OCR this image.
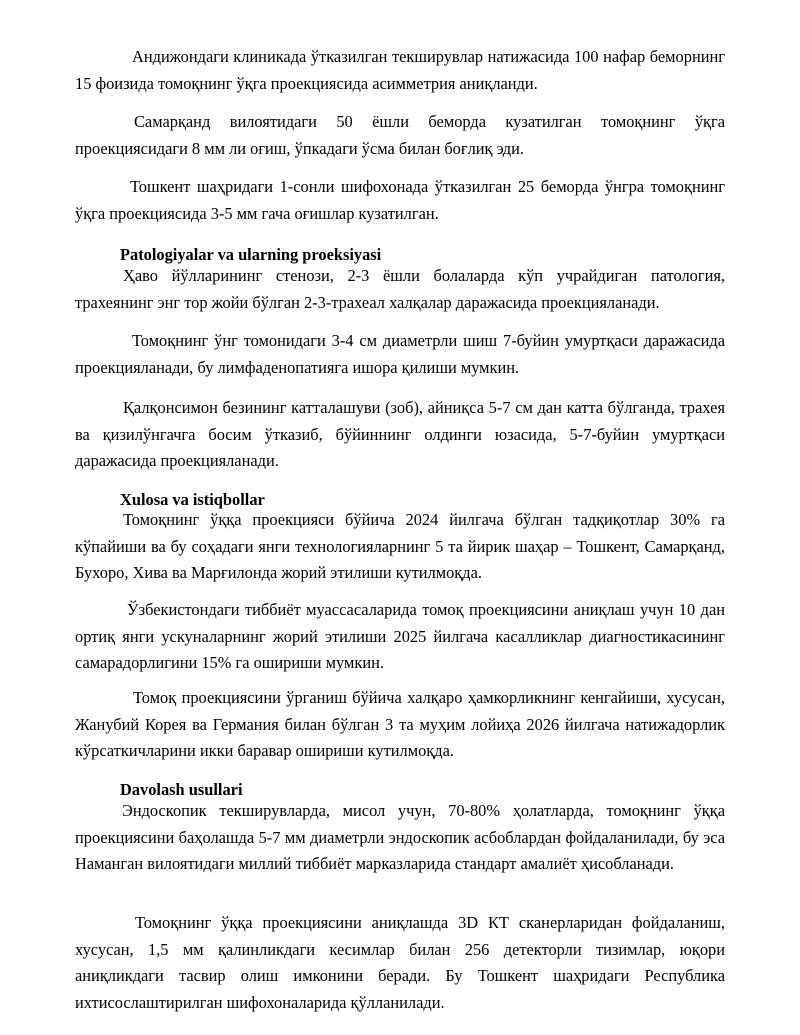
Андижондаги клиникада ўтказилган текширувлар натижасида 100 нафар беморнинг 15 фоизида томоқнинг ўқга проекциясида асимметрия аниқланди.

Самарқанд вилоятидаги 50 ёшли беморда кузатилган томоқнинг ўқга проекциясидаги 8 мм ли оғиш, ўпкадаги ўсма билан боғлиқ эди.

Тошкент шаҳридаги 1-сонли шифохонада ўтказилган 25 беморда ўнгра томоқнинг ўқга проекциясида 3-5 мм гача оғишлар кузатилган.

Patologiyalar va ularning proeksiyasi

Ҳаво йўлларининг стенози, 2-3 ёшли болаларда кўп учрайдиган патология, трахеянинг энг тор жойи бўлган 2-3-трахеал халқалар даражасида проекцияланади.

Томоқнинг ўнг томонидаги 3-4 см диаметрли шиш 7-буйин умуртқаси даражасида проекцияланади, бу лимфаденопатияга ишора қилиши мумкин.

Қалқонсимон безининг катталашуви (зоб), айниқса 5-7 см дан катта бўлганда, трахея ва қизилўнгачга босим ўтказиб, бўйиннинг олдинги юзасида, 5-7-буйин умуртқаси даражасида проекцияланади.

Xulosa va istiqbollar

Томоқнинг ўққа проекцияси бўйича 2024 йилгача бўлган тадқиқотлар 30% га кўпайиши ва бу соҳадаги янги технологияларнинг 5 та йирик шаҳар – Тошкент, Самарқанд, Бухоро, Хива ва Марғилонда жорий этилиши кутилмоқда.

Ўзбекистондаги тиббиёт муассасаларида томоқ проекциясини аниқлаш учун 10 дан ортиқ янги ускуналарнинг жорий этилиши 2025 йилгача касалликлар диагностикасининг самарадорлигини 15% га ошириши мумкин.

Томоқ проекциясини ўрганиш бўйича халқаро ҳамкорликнинг кенгайиши, хусусан, Жанубий Корея ва Германия билан бўлган 3 та муҳим лойиҳа 2026 йилгача натижадорлик кўрсаткичларини икки баравар ошириши кутилмоқда.

Davolash usullari

Эндоскопик текширувларда, мисол учун, 70-80% ҳолатларда, томоқнинг ўққа проекциясини баҳолашда 5-7 мм диаметрли эндоскопик асбоблардан фойдаланилади, бу эса Наманган вилоятидаги миллий тиббиёт марказларида стандарт амалиёт ҳисобланади.

Томоқнинг ўққа проекциясини аниқлашда 3D КТ сканерларидан фойдаланиш, хусусан, 1,5 мм қалинликдаги кесимлар билан 256 детекторли тизимлар, юқори аниқликдаги тасвир олиш имконини беради. Бу Тошкент шаҳридаги Республика ихтисослаштирилган шифохоналарида қўлланилади.
